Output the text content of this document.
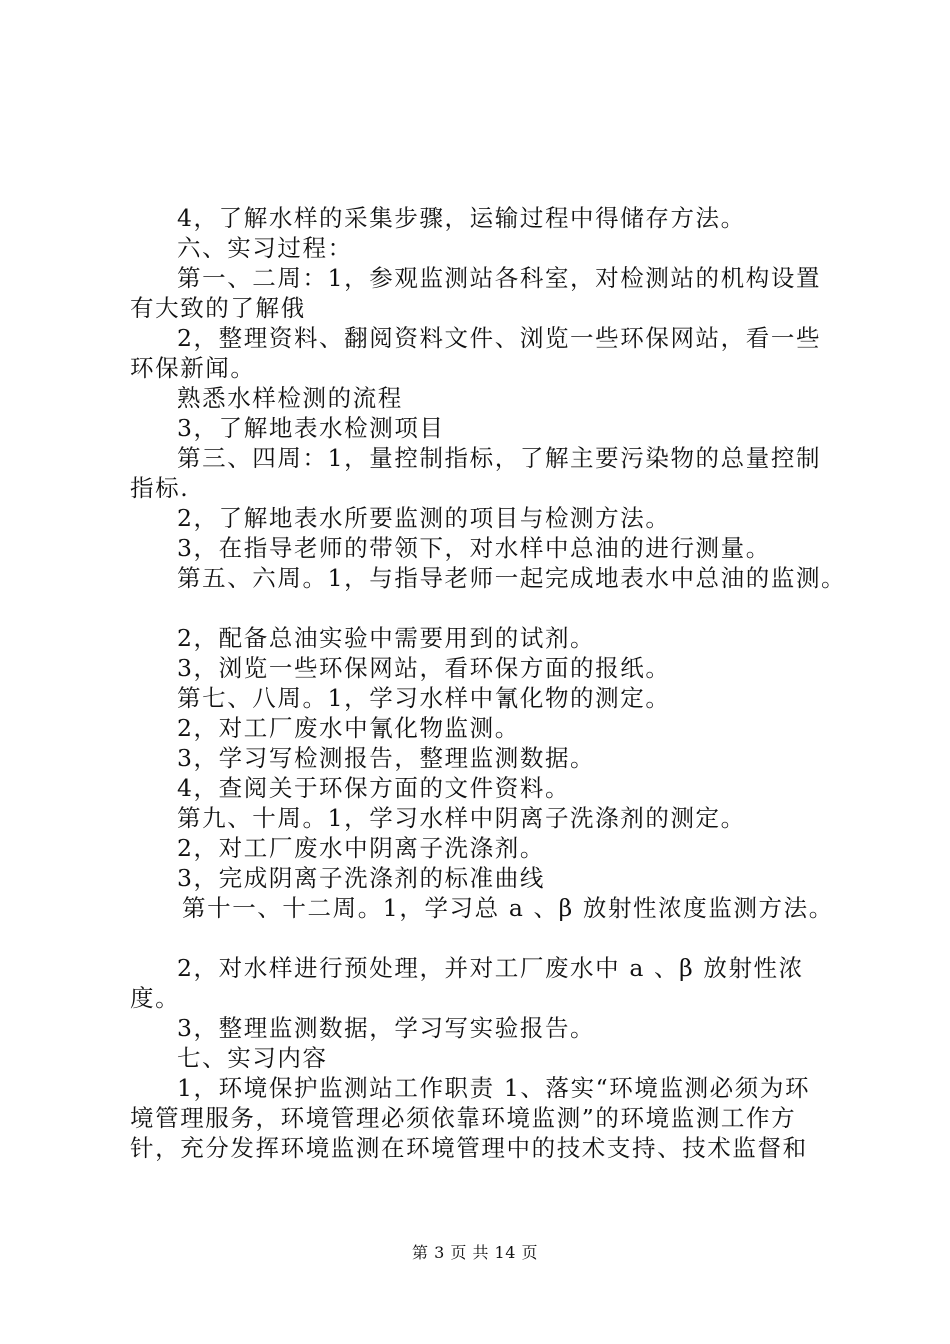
4，了解水样的采集步骤，运输过程中得储存方法。
六、实习过程：
第一、二周：1，参观监测站各科室，对检测站的机构设置
有大致的了解俄
2，整理资料、翻阅资料文件、浏览一些环保网站，看一些
环保新闻。
熟悉水样检测的流程
3，了解地表水检测项目
第三、四周：1，量控制指标，了解主要污染物的总量控制
指标.
2，了解地表水所要监测的项目与检测方法。
3，在指导老师的带领下，对水样中总油的进行测量。
第五、六周。1，与指导老师一起完成地表水中总油的监测。
2，配备总油实验中需要用到的试剂。
3，浏览一些环保网站，看环保方面的报纸。
第七、八周。1，学习水样中氰化物的测定。
2，对工厂废水中氰化物监测。
3，学习写检测报告，整理监测数据。
4，查阅关于环保方面的文件资料。
第九、十周。1，学习水样中阴离子洗涤剂的测定。
2，对工厂废水中阴离子洗涤剂。
3，完成阴离子洗涤剂的标准曲线
第十一、十二周。1，学习总 a 、β 放射性浓度监测方法。
2，对水样进行预处理，并对工厂废水中 a 、β 放射性浓
度。
3，整理监测数据，学习写实验报告。
七、实习内容
1，环境保护监测站工作职责 1、落实“环境监测必须为环
境管理服务，环境管理必须依靠环境监测”的环境监测工作方
针，充分发挥环境监测在环境管理中的技术支持、技术监督和
第 3 页 共 14 页
